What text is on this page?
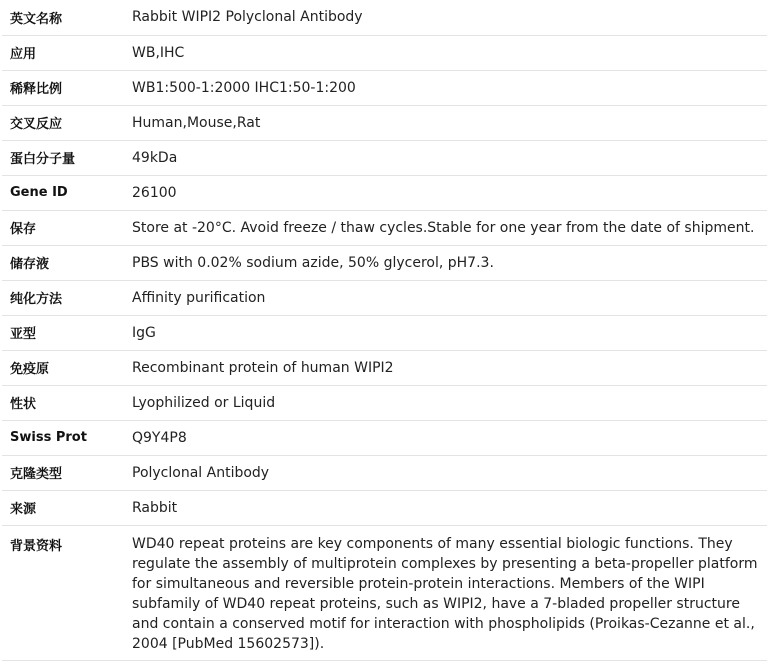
英文名称	Rabbit WIPI2 Polyclonal Antibody
应用	WB,IHC
稀释比例	WB1:500-1:2000 IHC1:50-1:200
交叉反应	Human,Mouse,Rat
蛋白分子量	49kDa
Gene ID	26100
保存	Store at -20°C. Avoid freeze / thaw cycles.Stable for one year from the date of shipment.
储存液	PBS with 0.02% sodium azide, 50% glycerol, pH7.3.
纯化方法	Affinity purification
亚型	IgG
免疫原	Recombinant protein of human WIPI2
性状	Lyophilized or Liquid
Swiss Prot	Q9Y4P8
克隆类型	Polyclonal Antibody
来源	Rabbit
背景资料	WD40 repeat proteins are key components of many essential biologic functions. They regulate the assembly of multiprotein complexes by presenting a beta-propeller platform for simultaneous and reversible protein-protein interactions. Members of the WIPI subfamily of WD40 repeat proteins, such as WIPI2, have a 7-bladed propeller structure and contain a conserved motif for interaction with phospholipids (Proikas-Cezanne et al., 2004 [PubMed 15602573]).
